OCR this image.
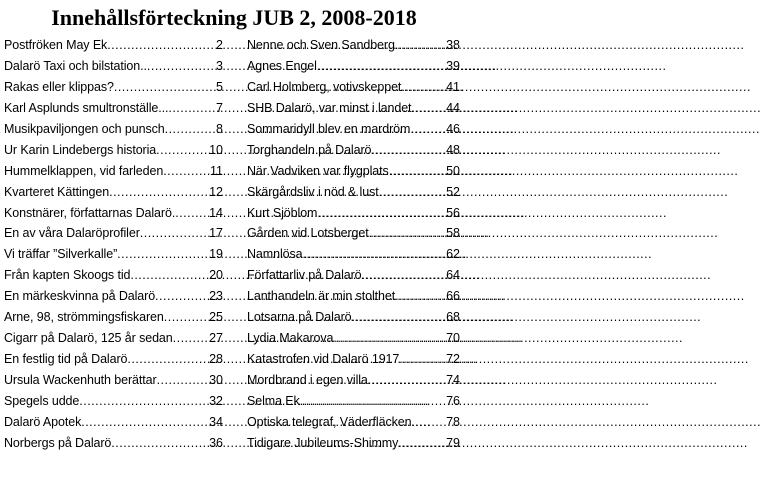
Innehållsförteckning JUB 2, 2008-2018
Postfröken May Ek .....	2
Dalarö Taxi och bilstation.. .....	3
Rakas eller klippas? .....	5
Karl Asplunds smultronställe... .....	7
Musikpaviljongen och punsch .....	8
Ur Karin Lindebergs historia .....	10
Hummelklappen, vid farleden .....	11
Kvarteret Kättingen .....	12
Konstnärer, författarnas Dalarö. .....	14
En av våra Dalaröprofiler .....	17
Vi träffar ”Silverkalle” .....	19
Från kapten Skoogs tid .....	20
En märkeskvinna på Dalarö .....	23
Arne, 98, strömmingsfiskaren .....	25
Cigarr på Dalarö, 125 år sedan .....	27
En festlig tid på Dalarö .....	28
Ursula Wackenhuth berättar .....	30
Spegels udde .....	32
Dalarö Apotek .....	34
Norbergs på Dalarö .....	36
Nenne och Sven Sandberg .....	38
Agnes Engel .....	39
Carl Holmberg, votivskeppet .....	41
SHB Dalarö, var minst i landet .....	44
Sommaridyll blev en mardröm .....	46
Torghandeln på Dalarö .....	48
När Vadviken var flygplats .....	50
Skärgårdsliv i nöd & lust .....	52
Kurt Sjöblom .....	56
Gården vid Lotsberget .....	58
Namnlösa .....	62
Författarliv på Dalarö .....	64
Lanthandeln är min stolthet .....	66
Lotsarna på Dalarö .....	68
Lydia Makarova .....	70
Katastrofen vid Dalarö 1917 .....	72
Mordbrand i egen villa .....	74
Selma Ek .....	76
Optiska telegraf, Väderfläcken .....	78
Tidigare Jubileums-Shimmy .....	79
